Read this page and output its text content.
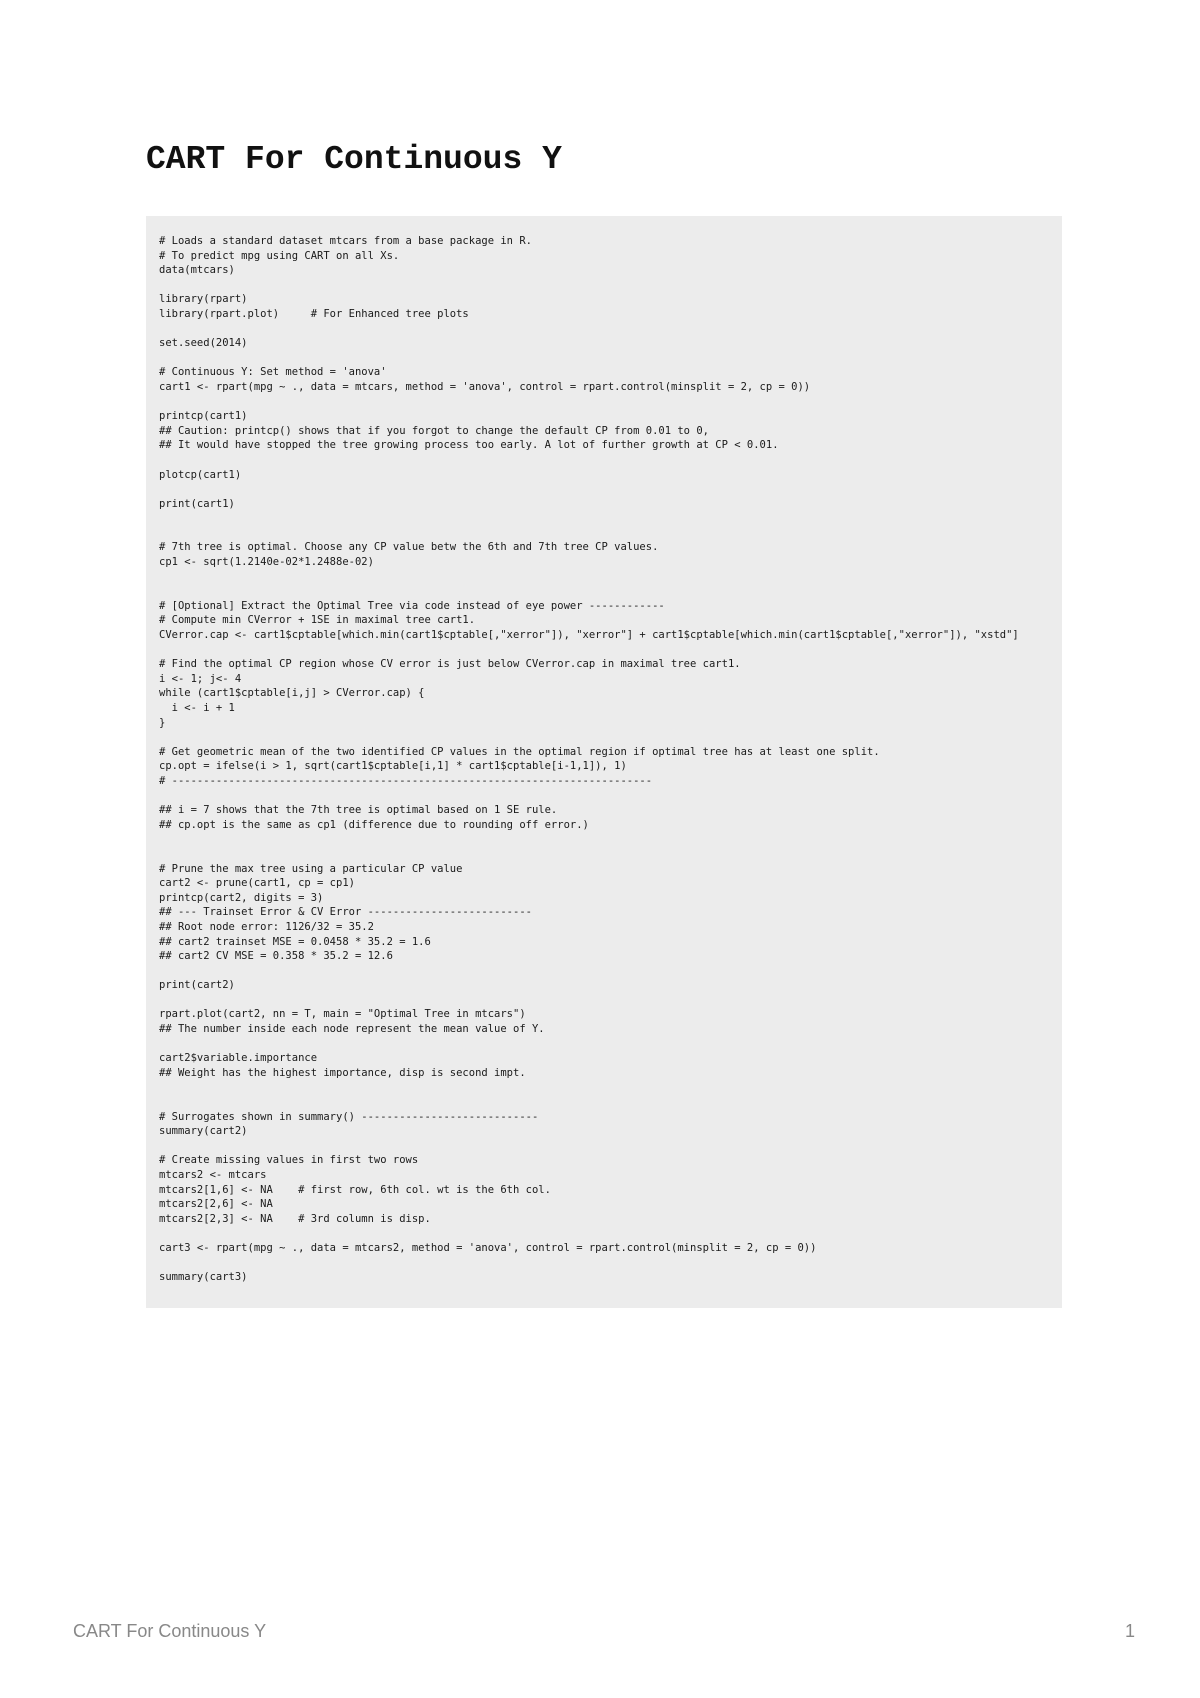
CART For Continuous Y
# Loads a standard dataset mtcars from a base package in R.
# To predict mpg using CART on all Xs.
data(mtcars)
library(rpart)
library(rpart.plot)     # For Enhanced tree plots
set.seed(2014)
# Continuous Y: Set method = 'anova'
cart1 <- rpart(mpg ~ ., data = mtcars, method = 'anova', control = rpart.control(minsplit = 2, cp = 0))
printcp(cart1)
## Caution: printcp() shows that if you forgot to change the default CP from 0.01 to 0,
## It would have stopped the tree growing process too early. A lot of further growth at CP < 0.01.
plotcp(cart1)
print(cart1)
# 7th tree is optimal. Choose any CP value betw the 6th and 7th tree CP values.
cp1 <- sqrt(1.2140e-02*1.2488e-02)
# [Optional] Extract the Optimal Tree via code instead of eye power ------------
# Compute min CVerror + 1SE in maximal tree cart1.
CVerror.cap <- cart1$cptable[which.min(cart1$cptable[,"xerror"]), "xerror"] + cart1$cptable[which.min(cart1$cptable[,"xerror"]), "xstd"]
# Find the optimal CP region whose CV error is just below CVerror.cap in maximal tree cart1.
i <- 1; j<- 4
while (cart1$cptable[i,j] > CVerror.cap) {
i <- i + 1
}
# Get geometric mean of the two identified CP values in the optimal region if optimal tree has at least one split.
cp.opt = ifelse(i > 1, sqrt(cart1$cptable[i,1] * cart1$cptable[i-1,1]), 1)
# ----------------------------------------------------------------------------
## i = 7 shows that the 7th tree is optimal based on 1 SE rule.
## cp.opt is the same as cp1 (difference due to rounding off error.)
# Prune the max tree using a particular CP value
cart2 <- prune(cart1, cp = cp1)
printcp(cart2, digits = 3)
## --- Trainset Error & CV Error --------------------------
## Root node error: 1126/32 = 35.2
## cart2 trainset MSE = 0.0458 * 35.2 = 1.6
## cart2 CV MSE = 0.358 * 35.2 = 12.6
print(cart2)
rpart.plot(cart2, nn = T, main = "Optimal Tree in mtcars")
## The number inside each node represent the mean value of Y.
cart2$variable.importance
## Weight has the highest importance, disp is second impt.
# Surrogates shown in summary() ----------------------------
summary(cart2)
# Create missing values in first two rows
mtcars2 <- mtcars
mtcars2[1,6] <- NA    # first row, 6th col. wt is the 6th col.
mtcars2[2,6] <- NA
mtcars2[2,3] <- NA    # 3rd column is disp.
cart3 <- rpart(mpg ~ ., data = mtcars2, method = 'anova', control = rpart.control(minsplit = 2, cp = 0))
summary(cart3)
CART For Continuous Y	1
